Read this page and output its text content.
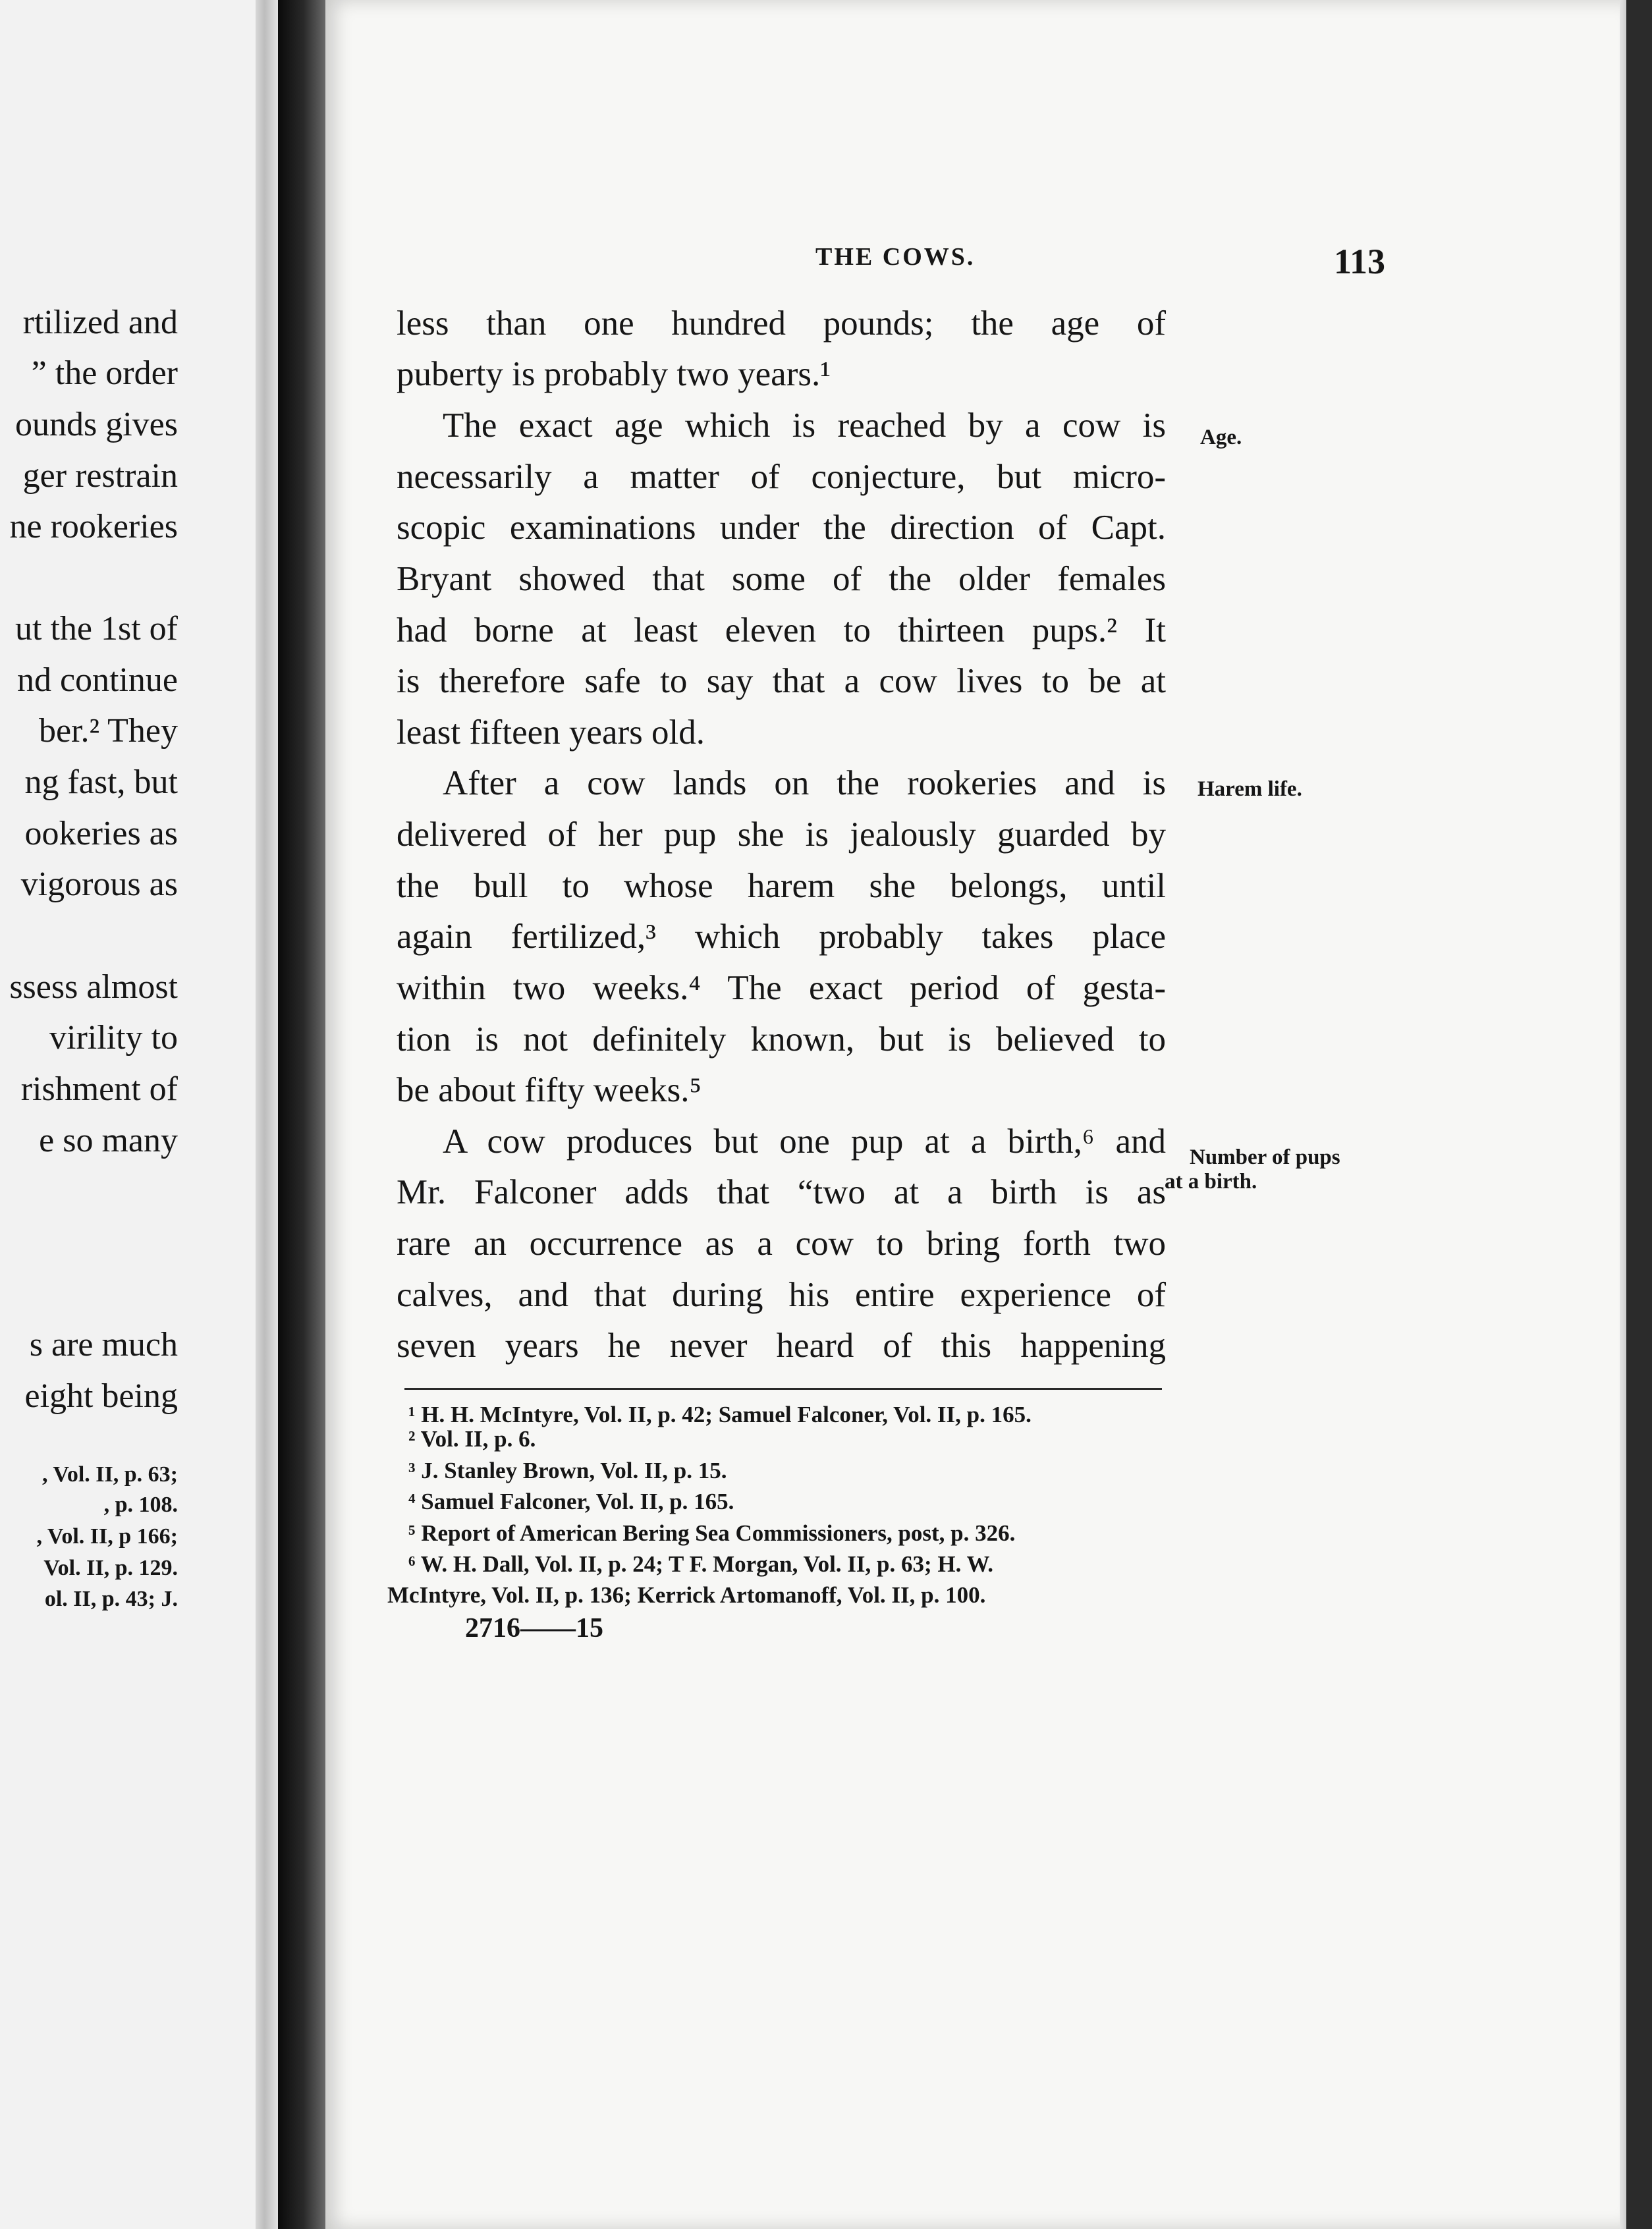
rtilized and
” the order
ounds gives
ger restrain
ne rookeries
ut the 1st of
nd continue
ber.² They
ng fast, but
ookeries as
vigorous as
ssess almost
virility to
rishment of
e so many
s are much
eight being
, Vol. II, p. 63;
, p. 108.
, Vol. II, p 166;
Vol. II, p. 129.
ol. II, p. 43; J.
THE COWS.	113
less than one hundred pounds; the age of
puberty is probably two years.¹
The exact age which is reached by a cow is
necessarily a matter of conjecture, but micro-
scopic examinations under the direction of Capt.
Bryant showed that some of the older females
had borne at least eleven to thirteen pups.² It
is therefore safe to say that a cow lives to be at
least fifteen years old.
After a cow lands on the rookeries and is
delivered of her pup she is jealously guarded by
the bull to whose harem she belongs, until
again fertilized,³ which probably takes place
within two weeks.⁴ The exact period of gesta-
tion is not definitely known, but is believed to
be about fifty weeks.⁵
A cow produces but one pup at a birth,⁶ and
Mr. Falconer adds that “two at a birth is as
rare an occurrence as a cow to bring forth two
calves, and that during his entire experience of
seven years he never heard of this happening
Age.
Harem life.
Number of pups
at a birth.
¹ H. H. McIntyre, Vol. II, p. 42; Samuel Falconer, Vol. II, p. 165.
² Vol. II, p. 6.
³ J. Stanley Brown, Vol. II, p. 15.
⁴ Samuel Falconer, Vol. II, p. 165.
⁵ Report of American Bering Sea Commissioners, post, p. 326.
⁶ W. H. Dall, Vol. II, p. 24; T F. Morgan, Vol. II, p. 63; H. W.
McIntyre, Vol. II, p. 136; Kerrick Artomanoff, Vol. II, p. 100.
2716——15
